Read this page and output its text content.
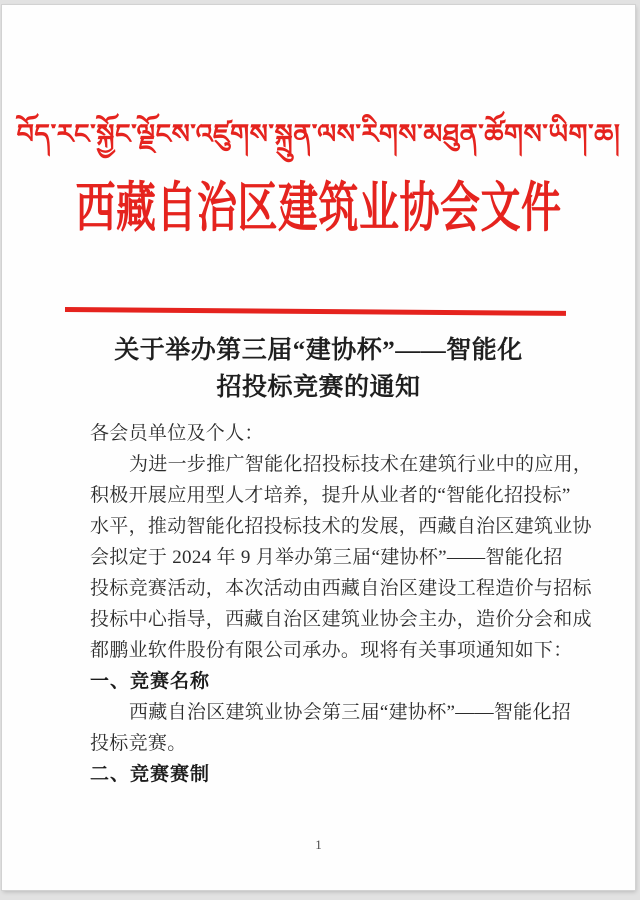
བོད་རང་སྐྱོང་ལྗོངས་འཛུགས་སྐྲུན་ལས་རིགས་མཐུན་ཚོགས་ཡིག་ཆ།
西藏自治区建筑业协会文件
关于举办第三届“建协杯”——智能化
招投标竞赛的通知
各会员单位及个人：
为进一步推广智能化招投标技术在建筑行业中的应用，
积极开展应用型人才培养，提升从业者的“智能化招投标”
水平，推动智能化招投标技术的发展，西藏自治区建筑业协
会拟定于 2024 年 9 月举办第三届“建协杯”——智能化招
投标竞赛活动，本次活动由西藏自治区建设工程造价与招标
投标中心指导，西藏自治区建筑业协会主办，造价分会和成
都鹏业软件股份有限公司承办。现将有关事项通知如下：
一、竞赛名称
西藏自治区建筑业协会第三届“建协杯”——智能化招
投标竞赛。
二、竞赛赛制
1
